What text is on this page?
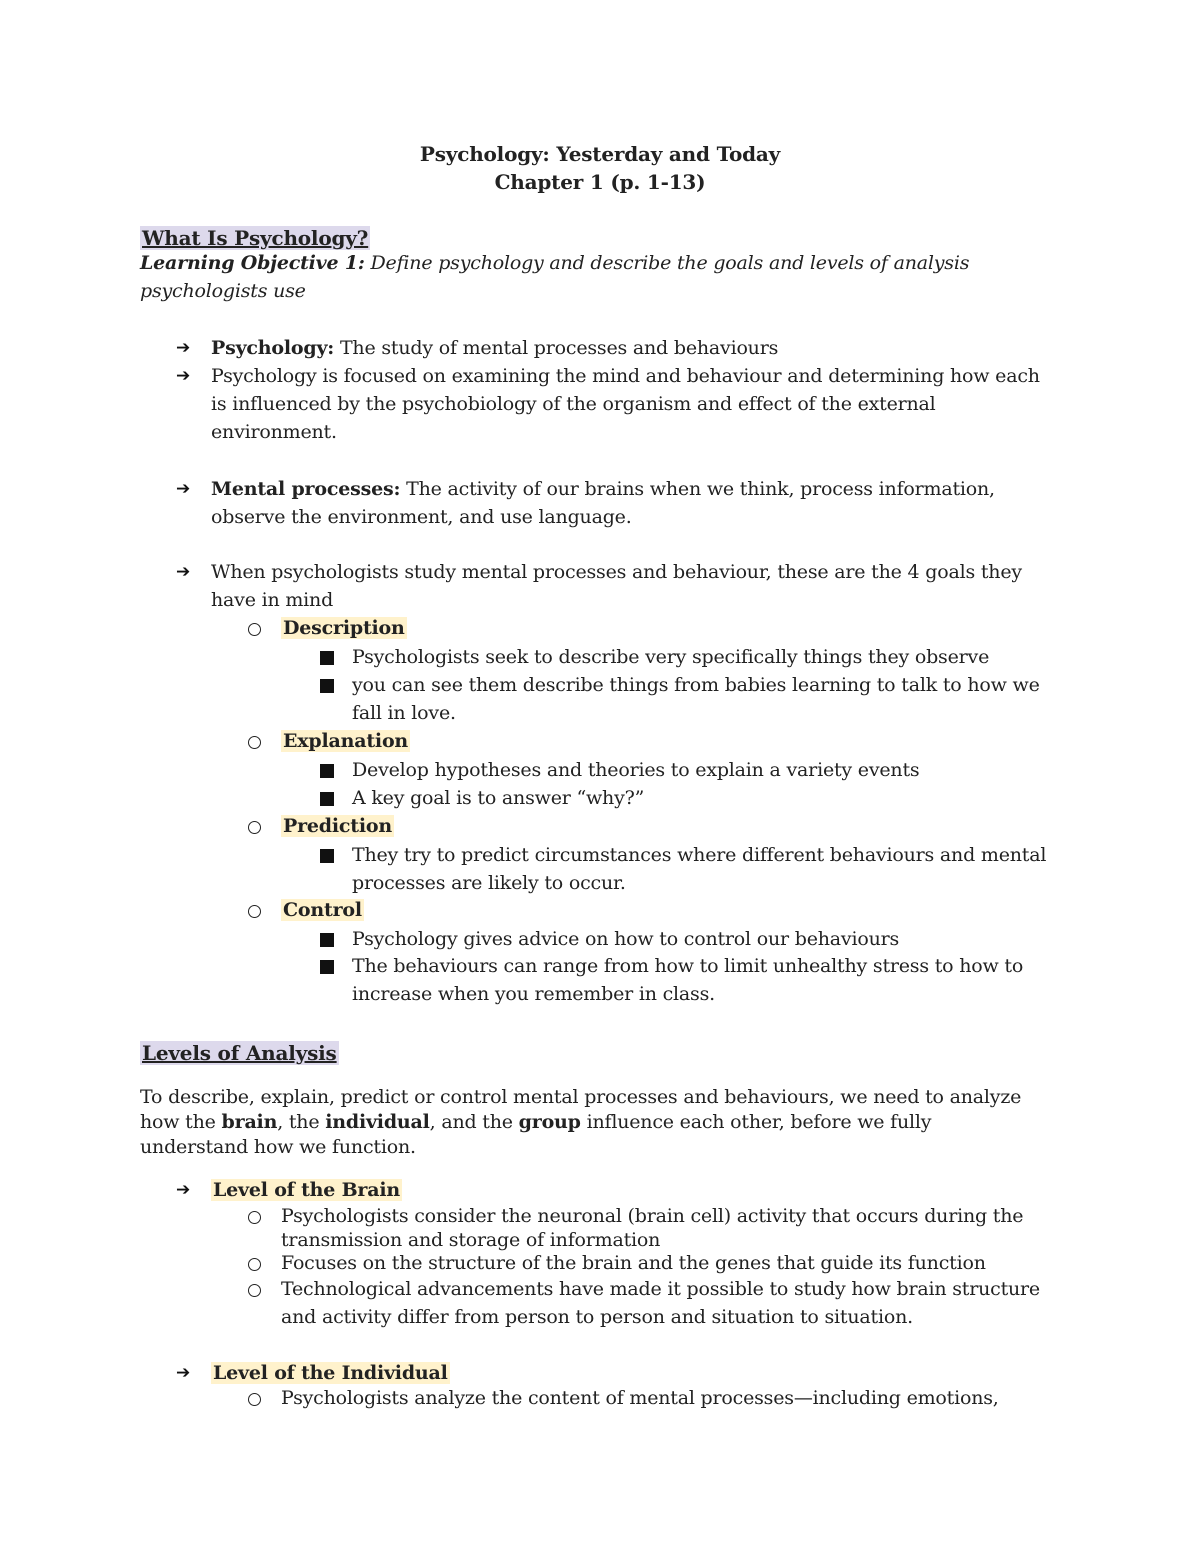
Psychology: Yesterday and Today
Chapter 1 (p. 1-13)
What Is Psychology?
Learning Objective 1: Define psychology and describe the goals and levels of analysis
psychologists use
➔ Psychology: The study of mental processes and behaviours
➔ Psychology is focused on examining the mind and behaviour and determining how each
is influenced by the psychobiology of the organism and effect of the external
environment.
➔ Mental processes: The activity of our brains when we think, process information,
observe the environment, and use language.
➔ When psychologists study mental processes and behaviour, these are the 4 goals they
have in mind
Description
Psychologists seek to describe very specifically things they observe
you can see them describe things from babies learning to talk to how we
fall in love.
Explanation
Develop hypotheses and theories to explain a variety events
A key goal is to answer “why?”
Prediction
They try to predict circumstances where different behaviours and mental
processes are likely to occur.
Control
Psychology gives advice on how to control our behaviours
The behaviours can range from how to limit unhealthy stress to how to
increase when you remember in class.
Levels of Analysis
To describe, explain, predict or control mental processes and behaviours, we need to analyze
how the brain, the individual, and the group influence each other, before we fully
understand how we function.
➔ Level of the Brain
Psychologists consider the neuronal (brain cell) activity that occurs during the
transmission and storage of information
Focuses on the structure of the brain and the genes that guide its function
Technological advancements have made it possible to study how brain structure
and activity differ from person to person and situation to situation.
➔ Level of the Individual
Psychologists analyze the content of mental processes—including emotions,
